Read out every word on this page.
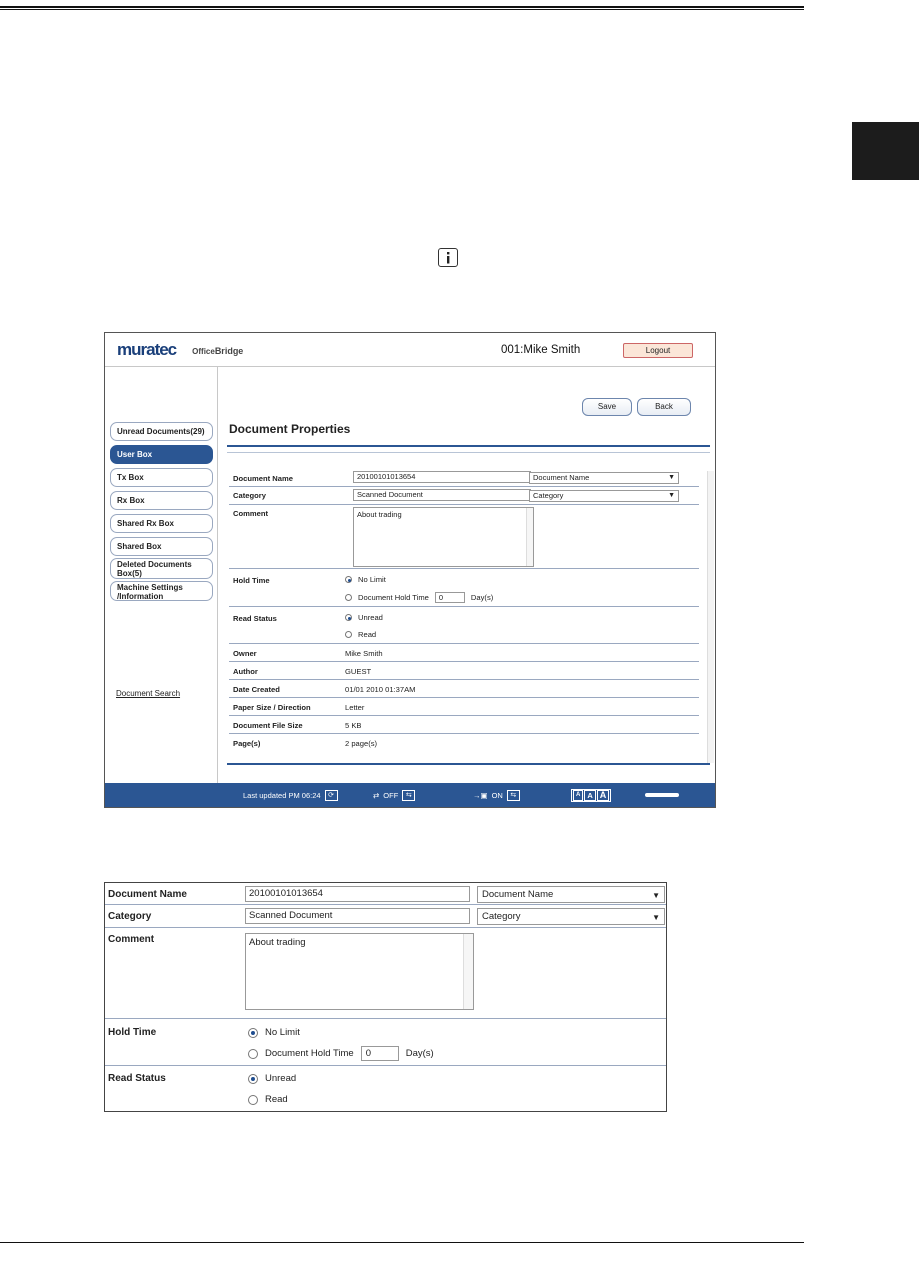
muratec OfficeBridge	001:Mike Smith	Logout
Unread Documents(29)
User Box
Tx Box
Rx Box
Shared Rx Box
Shared Box
Deleted Documents Box(5)
Machine Settings /Information
Document Search
Save	Back
Document Properties
Document Name	20100101013654	Document Name	▼
Category	Scanned Document	Category	▼
Comment	About trading
Hold Time	No Limit
Document Hold Time	0	Day(s)
Read Status	Unread
Read
Owner	Mike Smith
Author	GUEST
Date Created	01/01 2010 01:37AM
Paper Size / Direction	Letter
Document File Size	5 KB
Page(s)	2 page(s)
Last updated PM 06:24	⟳	⇄ OFF	⇆	→▣ ON	⇆	A A A
Document Name	20100101013654	Document Name	▼
Category	Scanned Document	Category	▼
Comment	About trading
Hold Time	No Limit
Document Hold Time	0	Day(s)
Read Status	Unread
Read
